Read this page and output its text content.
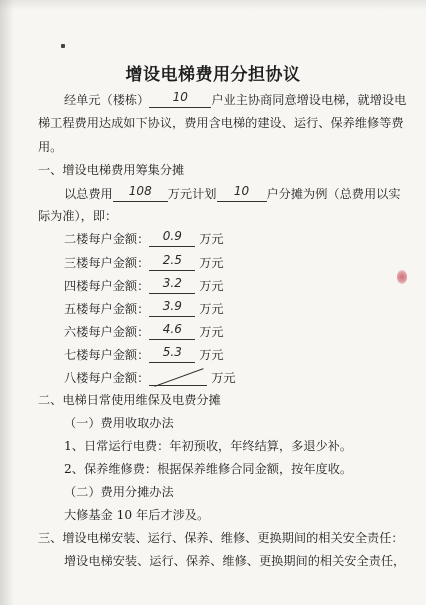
增设电梯费用分担协议
经单元（楼栋） 10 户业主协商同意增设电梯，就增设电
梯工程费用达成如下协议，费用含电梯的建设、运行、保养维修等费
用。
一、增设电梯费用筹集分摊
以总费用 108 万元计划 10 户分摊为例（总费用以实
际为准），即：
二楼每户金额： 0.9 万元
三楼每户金额： 2.5 万元
四楼每户金额： 3.2 万元
五楼每户金额： 3.9 万元
六楼每户金额： 4.6 万元
七楼每户金额： 5.3 万元
八楼每户金额：	万元
二、电梯日常使用维保及电费分摊
（一）费用收取办法
1、日常运行电费：年初预收，年终结算，多退少补。
2、保养维修费：根据保养维修合同金额，按年度收。
（二）费用分摊办法
大修基金 10 年后才涉及。
三、增设电梯安装、运行、保养、维修、更换期间的相关安全责任：
增设电梯安装、运行、保养、维修、更换期间的相关安全责任，
